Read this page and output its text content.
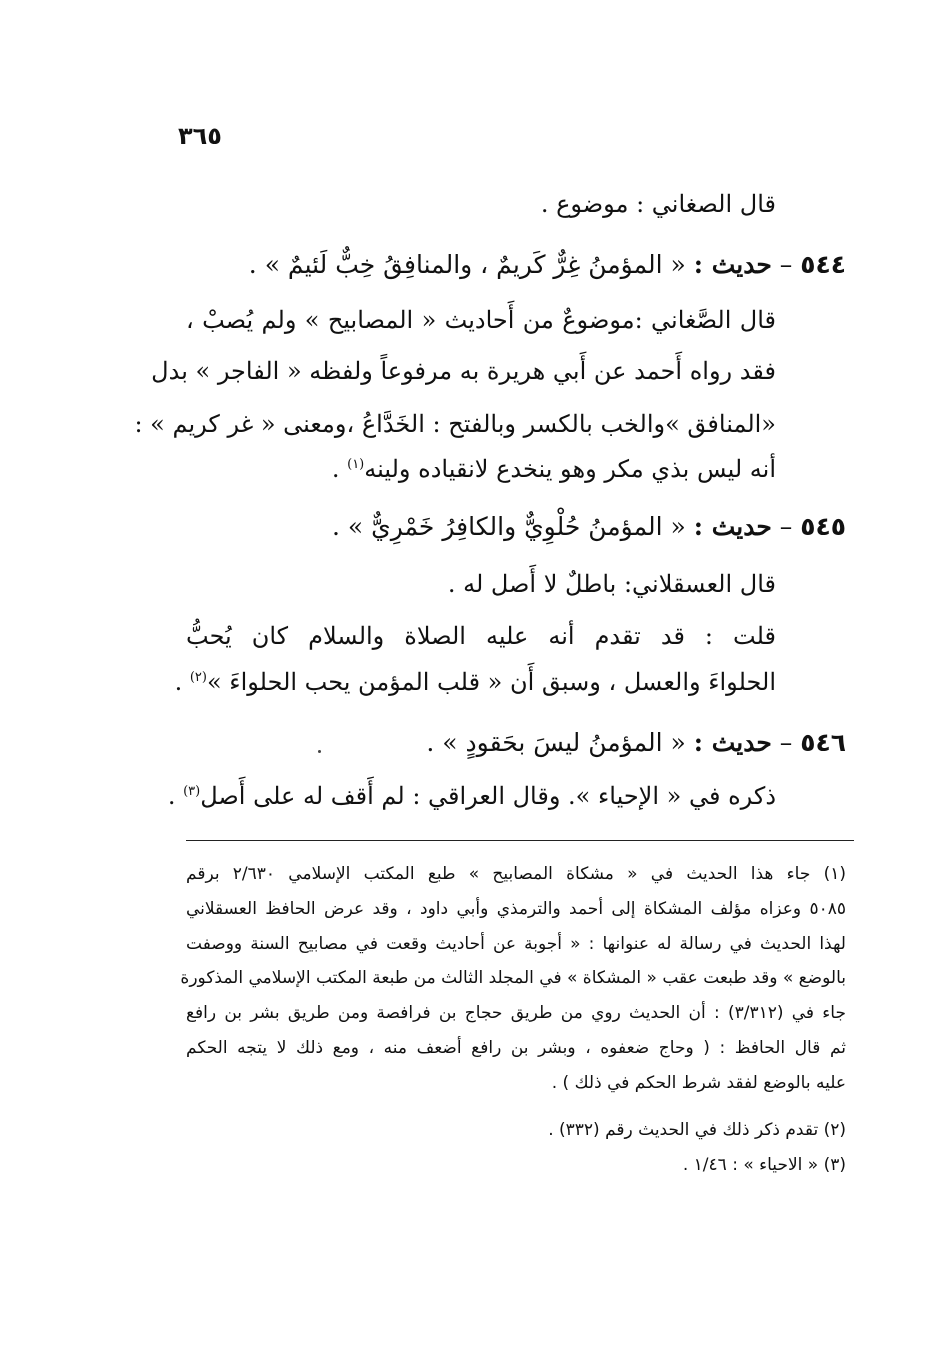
٣٦٥
قال الصغاني : موضوع .
٥٤٤ – حديث : « المؤمنُ غِرٌّ كَريمٌ ، والمنافِقُ خِبٌّ لَئيمٌ » .
قال الصَّغاني :موضوعٌ من أَحاديث « المصابيح » ولم يُصبْ ،
فقد رواه أَحمد عن أَبي هريرة به مرفوعاً ولفظه « الفاجر » بدل
«المنافق »والخب بالكسر وبالفتح : الخَدَّاعُ ،ومعنى « غر كريم » :
أنه ليس بذي مكر وهو ينخدع لانقياده ولينه$^{(١)}$ .
٥٤٥ – حديث : « المؤمنُ حُلْوِيٌّ والكافِرُ خَمْرِيٌّ » .
قال العسقلاني: باطلٌ لا أَصل له .
قلت : قد تقدم أنه عليه الصلاة والسلام كان يُحبُّ
الحلواءَ والعسل ، وسبق أَن « قلب المؤمن يحب الحلواءَ »$^{(٢)}$ .
٥٤٦ – حديث : « المؤمنُ ليسَ بحَقودٍ » .
ذكره في « الإحياء ». وقال العراقي : لم أَقف له على أَصل$^{(٣)}$ .
(١) جاء هذا الحديث في « مشكاة المصابيح » طبع المكتب الإسلامي ٢/٦٣٠ برقم
٥٠٨٥ وعزاه مؤلف المشكاة إلى أحمد والترمذي وأبي داود ، وقد عرض الحافظ العسقلاني
لهذا الحديث في رسالة له عنوانها : « أجوبة عن أحاديث وقعت في مصابيح السنة ووصفت
بالوضع » وقد طبعت عقب « المشكاة » في المجلد الثالث من طبعة المكتب الإسلامي المذكورة
جاء في (٣/٣١٢) : أن الحديث روي من طريق حجاج بن فرافصة ومن طريق بشر بن رافع
ثم قال الحافظ : ( وحاج ضعفوه ، وبشر بن رافع أضعف منه ، ومع ذلك لا يتجه الحكم
عليه بالوضع لفقد شرط الحكم في ذلك ) .
(٢) تقدم ذكر ذلك في الحديث رقم (٣٣٢) .
(٣) « الاحياء » : ١/٤٦ .
